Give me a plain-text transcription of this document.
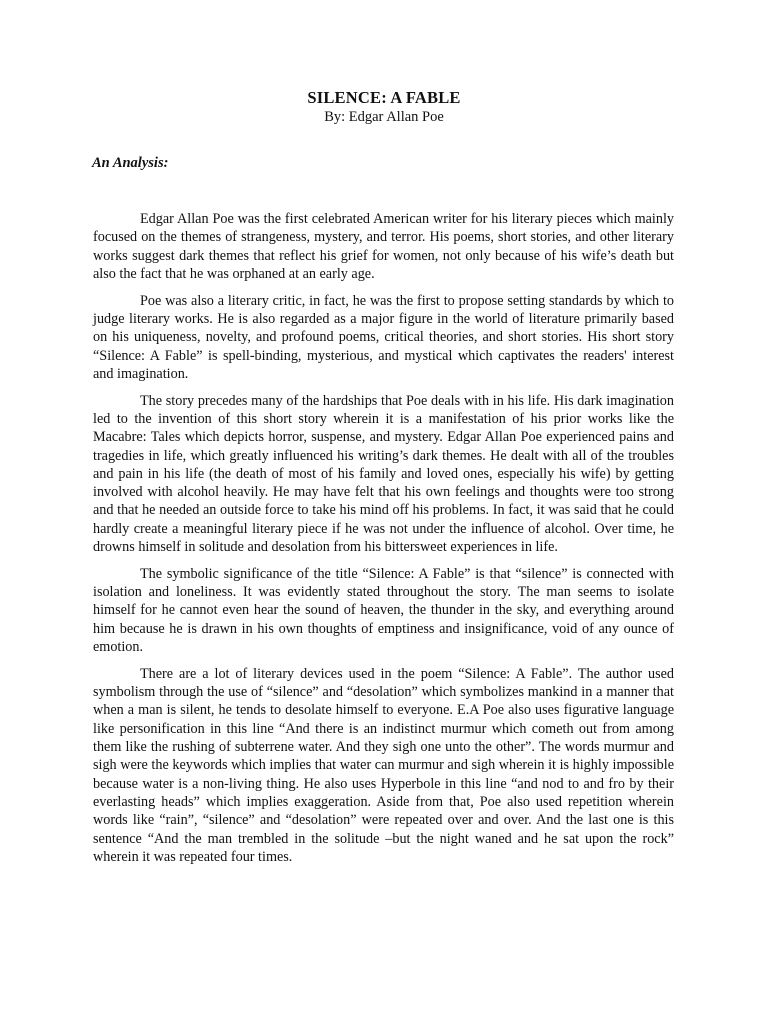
SILENCE: A FABLE

By: Edgar Allan Poe

An Analysis:

Edgar Allan Poe was the first celebrated American writer for his literary pieces which mainly focused on the themes of strangeness, mystery, and terror. His poems, short stories, and other literary works suggest dark themes that reflect his grief for women, not only because of his wife’s death but also the fact that he was orphaned at an early age.

Poe was also a literary critic, in fact, he was the first to propose setting standards by which to judge literary works. He is also regarded as a major figure in the world of literature primarily based on his uniqueness, novelty, and profound poems, critical theories, and short stories. His short story “Silence: A Fable” is spell-binding, mysterious, and mystical which captivates the readers' interest and imagination.

The story precedes many of the hardships that Poe deals with in his life. His dark imagination led to the invention of this short story wherein it is a manifestation of his prior works like the Macabre: Tales which depicts horror, suspense, and mystery. Edgar Allan Poe experienced pains and tragedies in life, which greatly influenced his writing’s dark themes. He dealt with all of the troubles and pain in his life (the death of most of his family and loved ones, especially his wife) by getting involved with alcohol heavily. He may have felt that his own feelings and thoughts were too strong and that he needed an outside force to take his mind off his problems. In fact, it was said that he could hardly create a meaningful literary piece if he was not under the influence of alcohol. Over time, he drowns himself in solitude and desolation from his bittersweet experiences in life.

The symbolic significance of the title “Silence: A Fable” is that “silence” is connected with isolation and loneliness. It was evidently stated throughout the story. The man seems to isolate himself for he cannot even hear the sound of heaven, the thunder in the sky, and everything around him because he is drawn in his own thoughts of emptiness and insignificance, void of any ounce of emotion.

There are a lot of literary devices used in the poem “Silence: A Fable”. The author used symbolism through the use of “silence” and “desolation” which symbolizes mankind in a manner that when a man is silent, he tends to desolate himself to everyone. E.A Poe also uses figurative language like personification in this line “And there is an indistinct murmur which cometh out from among them like the rushing of subterrene water. And they sigh one unto the other”. The words murmur and sigh were the keywords which implies that water can murmur and sigh wherein it is highly impossible because water is a non-living thing. He also uses Hyperbole in this line “and nod to and fro by their everlasting heads” which implies exaggeration. Aside from that, Poe also used repetition wherein words like “rain”, “silence” and “desolation” were repeated over and over. And the last one is this sentence “And the man trembled in the solitude –but the night waned and he sat upon the rock” wherein it was repeated four times.
